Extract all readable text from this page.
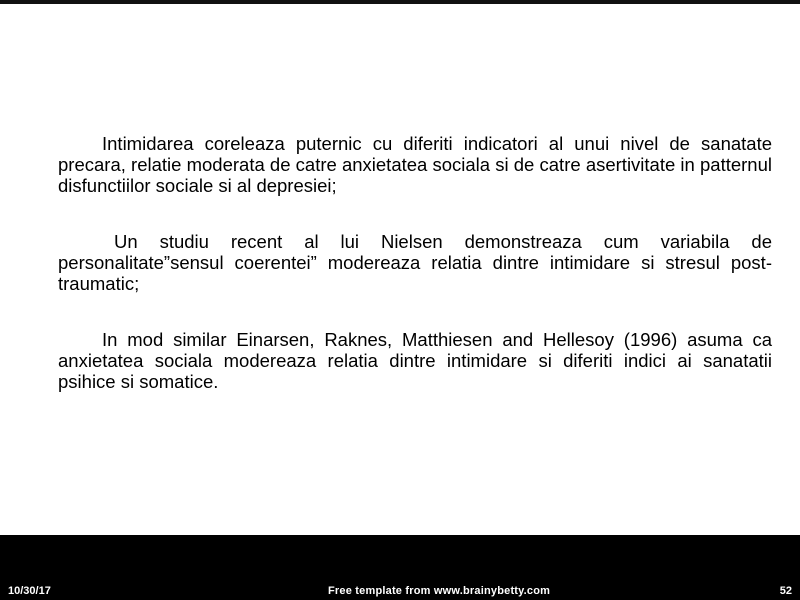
Intimidarea coreleaza puternic cu diferiti indicatori al unui nivel de sanatate precara, relatie moderata de catre anxietatea sociala si de catre asertivitate in patternul disfunctiilor sociale si al depresiei;

Un studiu recent al lui Nielsen demonstreaza cum variabila de personalitate”sensul coerentei” modereaza relatia dintre intimidare si stresul post-traumatic;

In mod similar Einarsen, Raknes, Matthiesen and Hellesoy (1996) asuma ca anxietatea sociala modereaza relatia dintre intimidare si diferiti indici ai sanatatii psihice si somatice.

10/30/17	Free template from www.brainybetty.com	52
